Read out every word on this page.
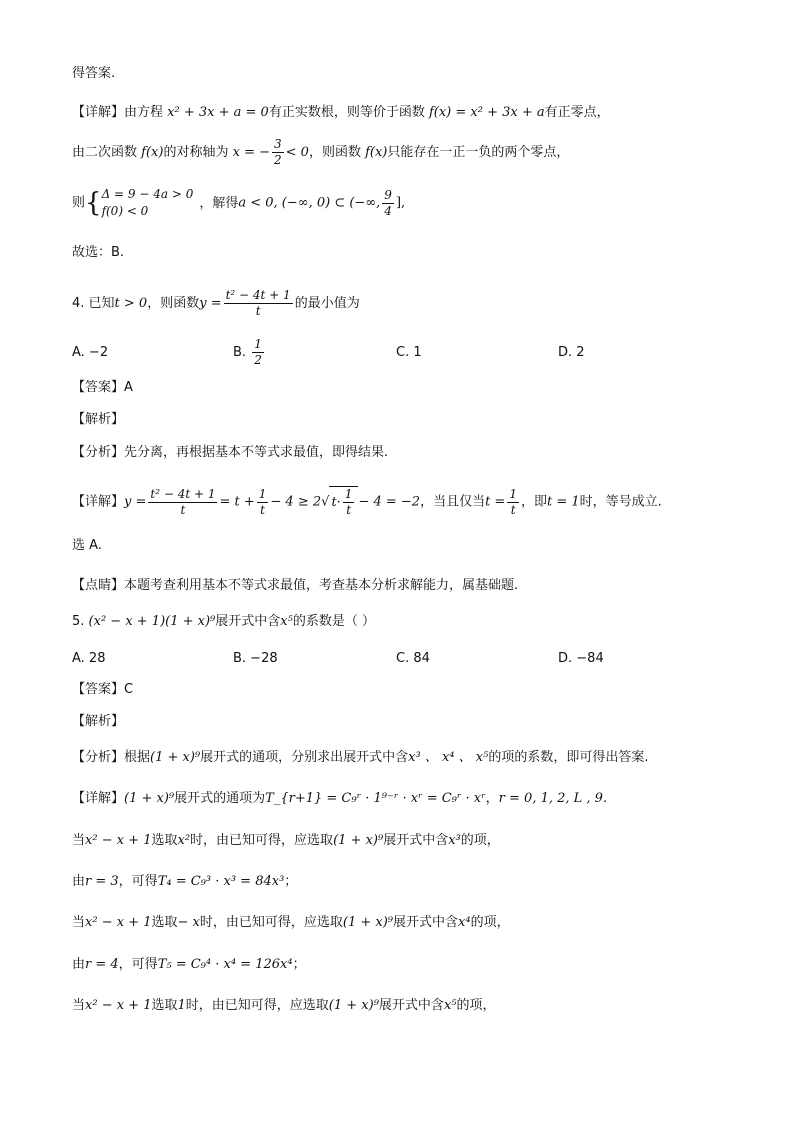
得答案.
【详解】由方程 x² + 3x + a = 0有正实数根，则等价于函数 f(x) = x² + 3x + a有正零点，
由二次函数 f(x)的对称轴为 x = − $\frac{3}{2} < 0$，则函数 f(x)只能存在一正一负的两个零点，
则{ Δ = 9 − 4a > 0
f(0) < 0
，解得a < 0, (−∞, 0) ⊂ (−∞, $\frac{9}{4}$ ],
故选：B.
4. 已知t > 0，则函数$y = \frac{\text{t² − 4t + 1}}{t}$ 的最小值为
A. −2	B. $\frac{1}{2}$	C. 1	D. 2
【答案】A
【解析】
【分析】先分离，再根据基本不等式求最值，即得结果.
【详解】$y = \frac{\text{t² − 4t + 1}}{t} = t + \frac{1}{t} - 4 \ge 2√$ $t\cdot \frac{1}{t} - 4 = -2$，当且仅当$t = \frac{1}{t}$ ，即t = 1时，等号成立.
选 A.
【点睛】本题考查利用基本不等式求最值，考查基本分析求解能力，属基础题.
5. (x² − x + 1)(1 + x)⁹展开式中含x⁵的系数是（ ）
A. 28	B. −28	C. 84	D. −84
【答案】C
【解析】
【分析】根据(1 + x)⁹展开式的通项，分别求出展开式中含x³ 、 x⁴ 、 x⁵的项的系数，即可得出答案.
【详解】(1 + x)⁹展开式的通项为T_{r+1} = C₉ʳ · 1⁹⁻ʳ · xʳ = C₉ʳ · xʳ，r = 0, 1, 2, L , 9.
当x² − x + 1选取x²时，由已知可得，应选取(1 + x)⁹展开式中含x³的项，
由r = 3，可得T₄ = C₉³ · x³ = 84x³；
当x² − x + 1选取− x时，由已知可得，应选取(1 + x)⁹展开式中含x⁴的项，
由r = 4，可得T₅ = C₉⁴ · x⁴ = 126x⁴；
当x² − x + 1选取1时，由已知可得，应选取(1 + x)⁹展开式中含x⁵的项，
